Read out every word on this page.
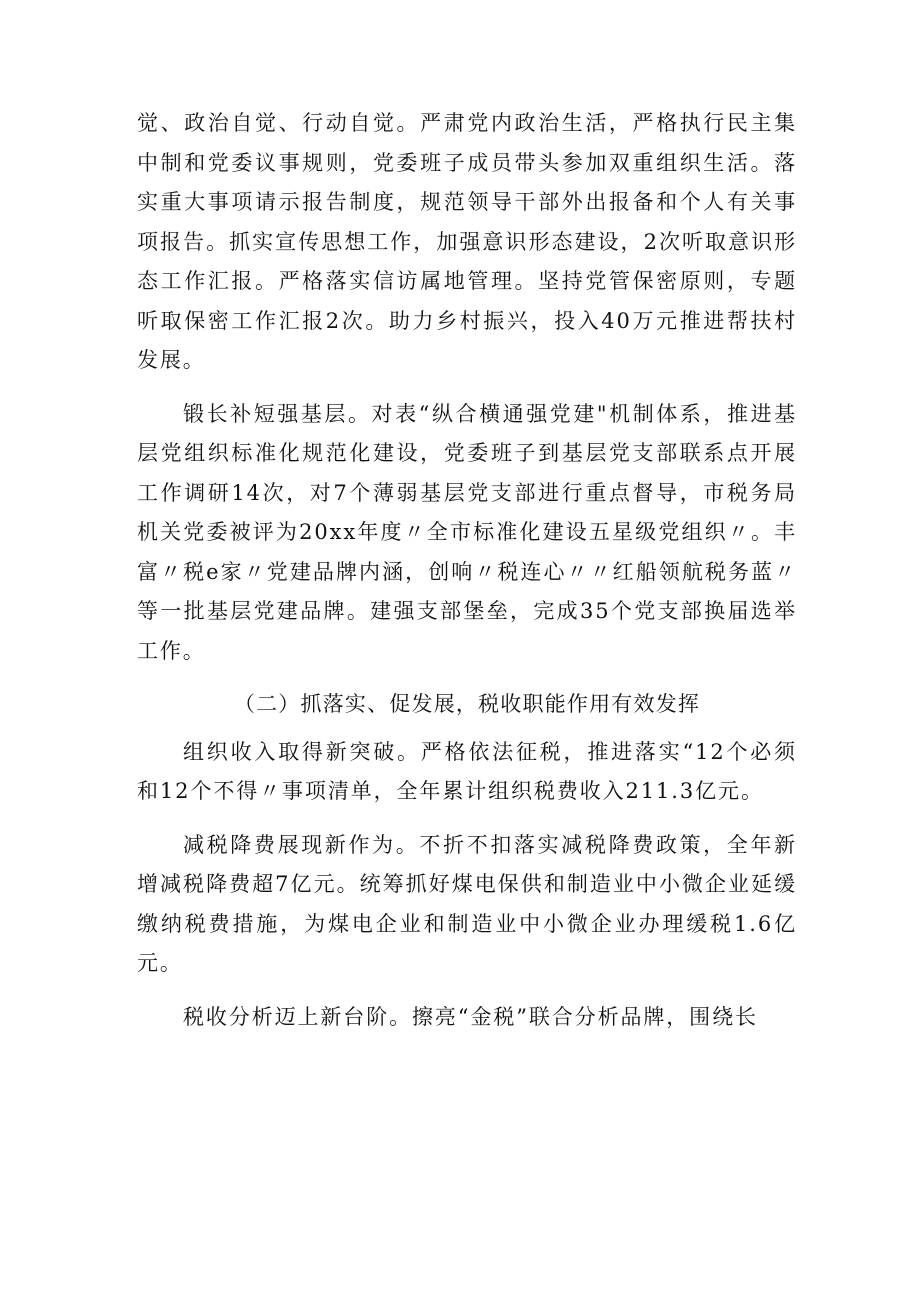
觉、政治自觉、行动自觉。严肃党内政治生活，严格执行民主集中制和党委议事规则，党委班子成员带头参加双重组织生活。落实重大事项请示报告制度，规范领导干部外出报备和个人有关事项报告。抓实宣传思想工作，加强意识形态建设，2次听取意识形态工作汇报。严格落实信访属地管理。坚持党管保密原则，专题听取保密工作汇报2次。助力乡村振兴，投入40万元推进帮扶村发展。

锻长补短强基层。对表“纵合横通强党建"机制体系，推进基层党组织标准化规范化建设，党委班子到基层党支部联系点开展工作调研14次，对7个薄弱基层党支部进行重点督导，市税务局机关党委被评为20xx年度〃全市标准化建设五星级党组织〃。丰富〃税e家〃党建品牌内涵，创响〃税连心〃〃红船领航税务蓝〃等一批基层党建品牌。建强支部堡垒，完成35个党支部换届选举工作。

（二）抓落实、促发展，税收职能作用有效发挥

组织收入取得新突破。严格依法征税，推进落实“12个必须和12个不得〃事项清单，全年累计组织税费收入211.3亿元。

减税降费展现新作为。不折不扣落实减税降费政策，全年新增减税降费超7亿元。统筹抓好煤电保供和制造业中小微企业延缓缴纳税费措施，为煤电企业和制造业中小微企业办理缓税1.6亿元。

税收分析迈上新台阶。擦亮“金税”联合分析品牌，围绕长
